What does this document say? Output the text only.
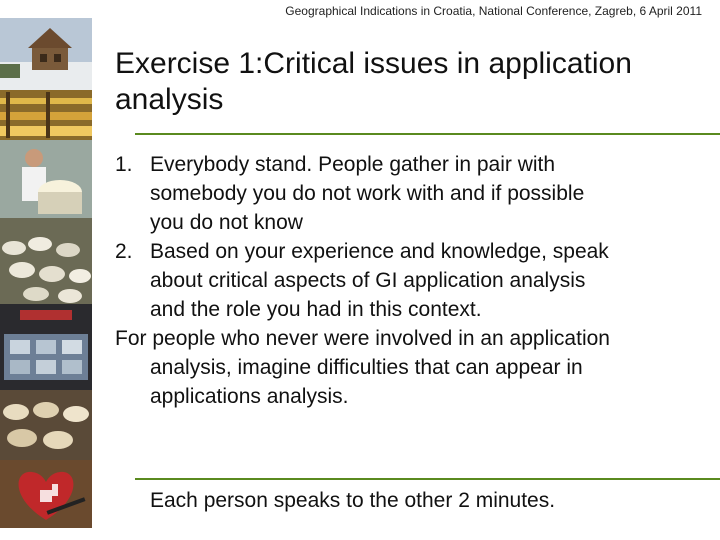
Geographical Indications in Croatia, National Conference, Zagreb, 6 April 2011
Exercise 1:Critical issues in application analysis
1. Everybody stand. People gather in pair with somebody you do not work with and if possible you do not know
2. Based on your experience and knowledge, speak about critical aspects of GI application analysis and the role you had in this context.

For people who never were involved in an application analysis, imagine difficulties that can appear in applications analysis.

Each person speaks to the other 2 minutes.
